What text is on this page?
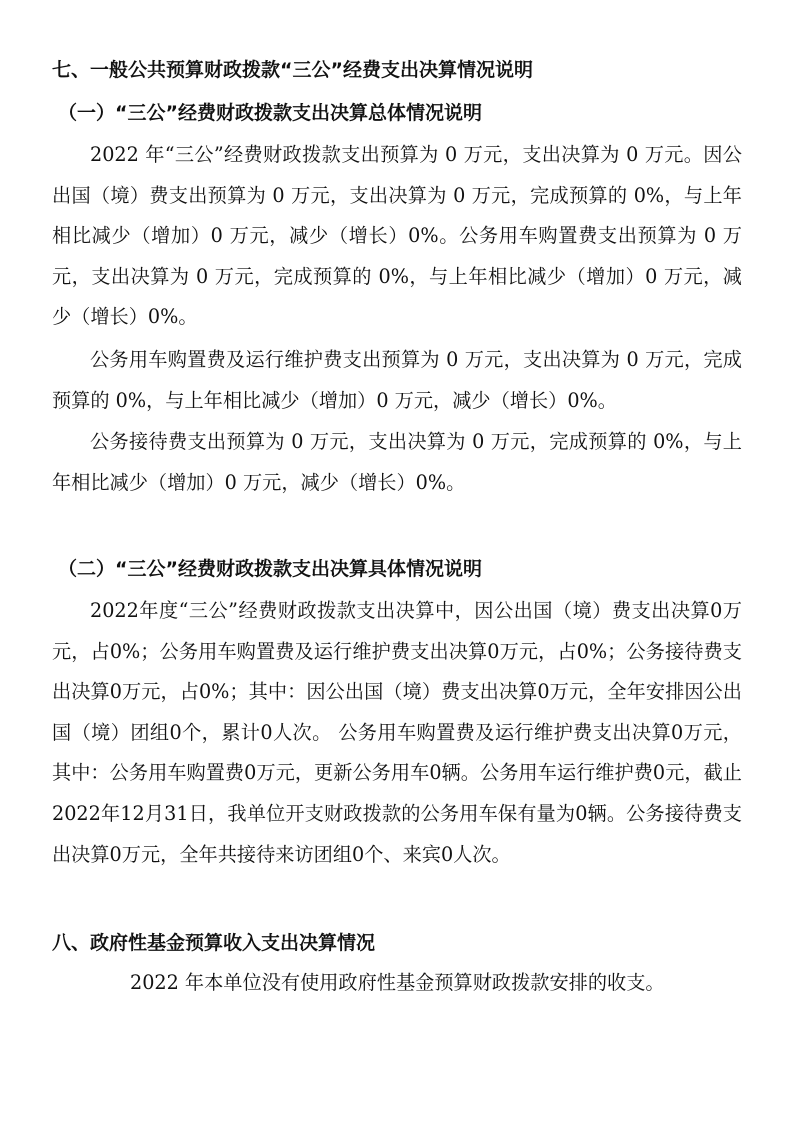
七、一般公共预算财政拨款“三公”经费支出决算情况说明
（一）“三公”经费财政拨款支出决算总体情况说明

2022 年“三公”经费财政拨款支出预算为 0 万元，支出决算为 0 万元。因公出国（境）费支出预算为 0 万元，支出决算为 0 万元，完成预算的 0%，与上年相比减少（增加）0 万元，减少（增长）0%。公务用车购置费支出预算为 0 万元，支出决算为 0 万元，完成预算的 0%，与上年相比减少（增加）0 万元，减少（增长）0%。

公务用车购置费及运行维护费支出预算为 0 万元，支出决算为 0 万元，完成预算的 0%，与上年相比减少（增加）0 万元，减少（增长）0%。

公务接待费支出预算为 0 万元，支出决算为 0 万元，完成预算的 0%，与上年相比减少（增加）0 万元，减少（增长）0%。

（二）“三公”经费财政拨款支出决算具体情况说明

2022年度“三公”经费财政拨款支出决算中，因公出国（境）费支出决算0万元，占0%；公务用车购置费及运行维护费支出决算0万元，占0%；公务接待费支出决算0万元，占0%；其中：因公出国（境）费支出决算0万元，全年安排因公出国（境）团组0个，累计0人次。 公务用车购置费及运行维护费支出决算0万元，其中：公务用车购置费0万元，更新公务用车0辆。公务用车运行维护费0元，截止2022年12月31日，我单位开支财政拨款的公务用车保有量为0辆。公务接待费支出决算0万元，全年共接待来访团组0个、来宾0人次。

八、政府性基金预算收入支出决算情况

2022 年本单位没有使用政府性基金预算财政拨款安排的收支。
